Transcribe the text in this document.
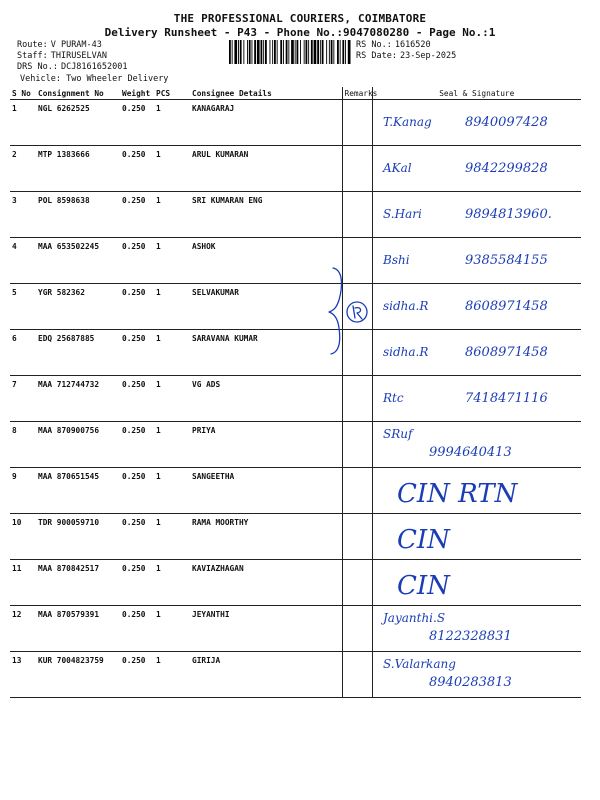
THE PROFESSIONAL COURIERS, COIMBATORE
Delivery Runsheet - P43 - Phone No.:9047080280 - Page No.:1
Route: V PURAM-43
Staff: THIRUSELVAN
DRS No.: DCJ8161652001
RS No.: 1616520
RS Date: 23-Sep-2025
Vehicle: Two Wheeler Delivery
S No	Consignment No	Weight	PCS	Consignee Details	Remarks	Seal & Signature
1	NGL 6262525	0.250	1	KANAGARAJ		T.Kanag 8940097428

2	MTP 1383666	0.250	1	ARUL KUMARAN		AKal 9842299828

3	POL 8598638	0.250	1	SRI KUMARAN ENG		S.Hari 9894813960.

4	MAA 653502245	0.250	1	ASHOK		Bshi 9385584155

5	YGR 582362	0.250	1	SELVAKUMAR		sidha.R 8608971458

6	EDQ 25687885	0.250	1	SARAVANA KUMAR		sidha.R 8608971458

7	MAA 712744732	0.250	1	VG ADS		Rtc 7418471116

8	MAA 870900756	0.250	1	PRIYA		SRuf
9994640413

9	MAA 870651545	0.250	1	SANGEETHA		CIN RTN

10	TDR 900059710	0.250	1	RAMA MOORTHY		CIN

11	MAA 870842517	0.250	1	KAVIAZHAGAN		CIN

12	MAA 870579391	0.250	1	JEYANTHI		Jayanthi.S
8122328831

13	KUR 7004823759	0.250	1	GIRIJA		S.Valarkang
8940283813
